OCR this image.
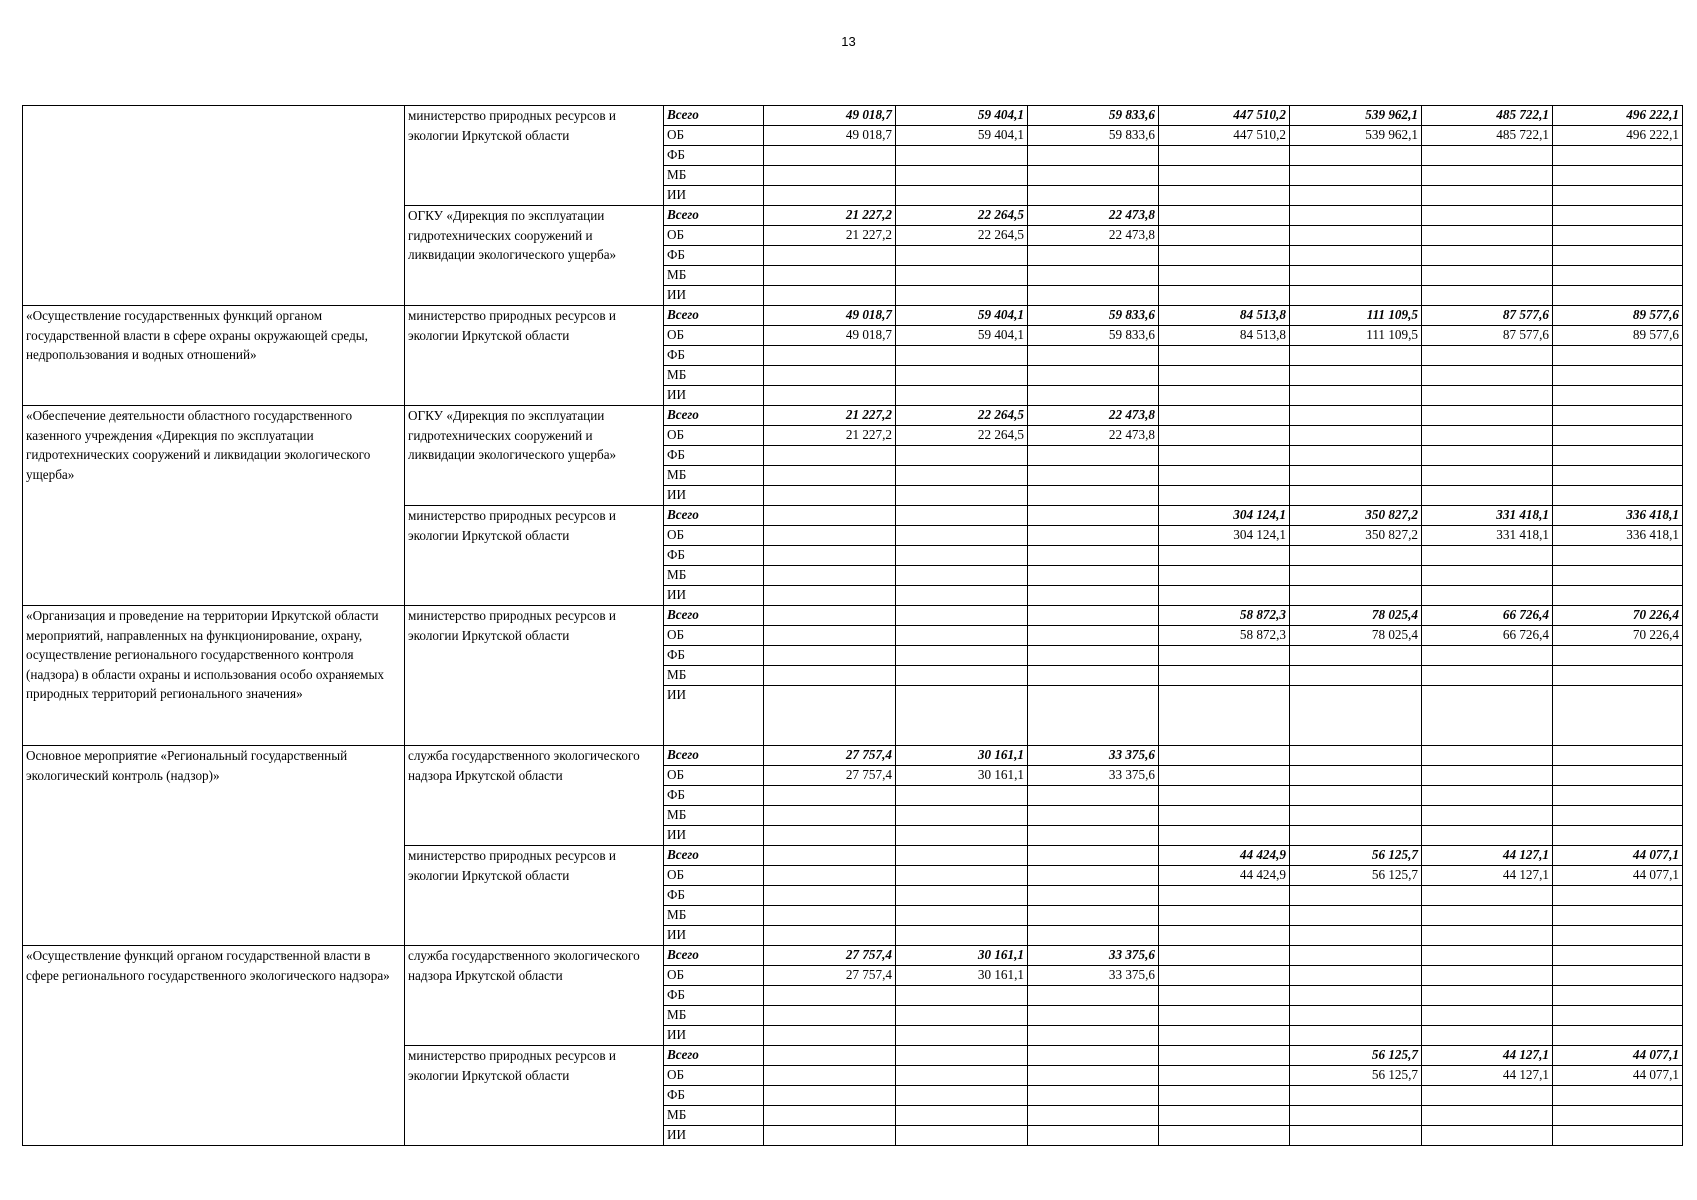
13
	министерство природных ресурсов и экологии Иркутской области	Всего	49 018,7	59 404,1	59 833,6	447 510,2	539 962,1	485 722,1	496 222,1
		ОБ	49 018,7	59 404,1	59 833,6	447 510,2	539 962,1	485 722,1	496 222,1
		ФБ							
		МБ							
		ИИ							
	ОГКУ «Дирекция по эксплуатации гидротехнических сооружений и ликвидации экологического ущерба»	Всего	21 227,2	22 264,5	22 473,8				
		ОБ	21 227,2	22 264,5	22 473,8				
		ФБ							
		МБ							
		ИИ							
«Осуществление государственных функций органом государственной власти в сфере охраны окружающей среды, недропользования и водных отношений»	министерство природных ресурсов и экологии Иркутской области	Всего	49 018,7	59 404,1	59 833,6	84 513,8	111 109,5	87 577,6	89 577,6
		ОБ	49 018,7	59 404,1	59 833,6	84 513,8	111 109,5	87 577,6	89 577,6
		ФБ							
		МБ							
		ИИ							
«Обеспечение деятельности областного государственного казенного учреждения «Дирекция по эксплуатации гидротехнических сооружений и ликвидации экологического ущерба»	ОГКУ «Дирекция по эксплуатации гидротехнических сооружений и ликвидации экологического ущерба»	Всего	21 227,2	22 264,5	22 473,8				
		ОБ	21 227,2	22 264,5	22 473,8				
		ФБ							
		МБ							
		ИИ							
	министерство природных ресурсов и экологии Иркутской области	Всего				304 124,1	350 827,2	331 418,1	336 418,1
		ОБ				304 124,1	350 827,2	331 418,1	336 418,1
		ФБ							
		МБ							
		ИИ							
«Организация и проведение на территории Иркутской области мероприятий, направленных на функционирование, охрану, осуществление регионального государственного контроля (надзора) в области охраны и использования особо охраняемых природных территорий регионального значения»	министерство природных ресурсов и экологии Иркутской области	Всего				58 872,3	78 025,4	66 726,4	70 226,4
		ОБ				58 872,3	78 025,4	66 726,4	70 226,4
		ФБ							
		МБ							
		ИИ							
Основное мероприятие «Региональный государственный экологический контроль (надзор)»	служба государственного экологического надзора Иркутской области	Всего	27 757,4	30 161,1	33 375,6				
		ОБ	27 757,4	30 161,1	33 375,6				
		ФБ							
		МБ							
		ИИ							
	министерство природных ресурсов и экологии Иркутской области	Всего				44 424,9	56 125,7	44 127,1	44 077,1
		ОБ				44 424,9	56 125,7	44 127,1	44 077,1
		ФБ							
		МБ							
		ИИ							
«Осуществление функций органом государственной власти в сфере регионального государственного экологического надзора»	служба государственного экологического надзора Иркутской области	Всего	27 757,4	30 161,1	33 375,6				
		ОБ	27 757,4	30 161,1	33 375,6				
		ФБ							
		МБ							
		ИИ							
	министерство природных ресурсов и экологии Иркутской области	Всего					56 125,7	44 127,1	44 077,1
		ОБ					56 125,7	44 127,1	44 077,1
		ФБ							
		МБ							
		ИИ							
